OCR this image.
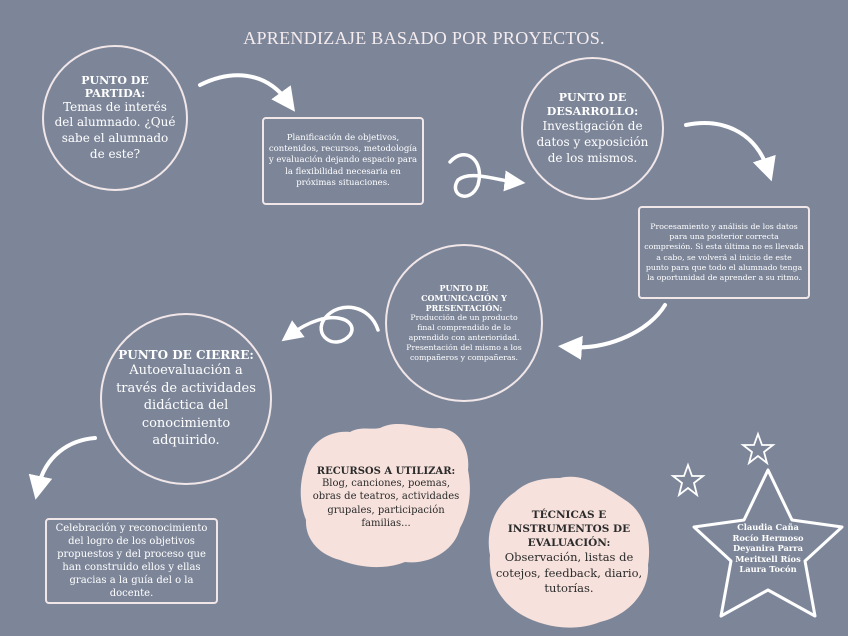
APRENDIZAJE BASADO POR PROYECTOS.
PUNTO DE PARTIDA:
Temas de interés del alumnado. ¿Qué sabe el alumnado de este?
Planificación de objetivos, contenidos, recursos, metodología y evaluación dejando espacio para la flexibilidad necesaria en próximas situaciones.
PUNTO DE DESARROLLO:
Investigación de datos y exposición de los mismos.
Procesamiento y análisis de los datos para una posterior correcta compresión. Si esta última no es llevada a cabo, se volverá al inicio de este punto para que todo el alumnado tenga la oportunidad de aprender a su ritmo.
PUNTO DE COMUNICACIÓN Y PRESENTACIÓN:
Producción de un producto final comprendido de lo aprendido con anterioridad. Presentación del mismo a los compañeros y compañeras.
PUNTO DE CIERRE:
Autoevaluación a través de actividades didáctica del conocimiento adquirido.
Celebración y reconocimiento del logro de los objetivos propuestos y del proceso que han construido ellos y ellas gracias a la guía del o la docente.
RECURSOS A UTILIZAR:
Blog, canciones, poemas, obras de teatros, actividades grupales, participación familias...
TÉCNICAS E INSTRUMENTOS DE EVALUACIÓN:
Observación, listas de cotejos, feedback, diario, tutorías.
Claudia Caña
Rocío Hermoso
Deyanira Parra
Meritxell Ríos
Laura Tocón
